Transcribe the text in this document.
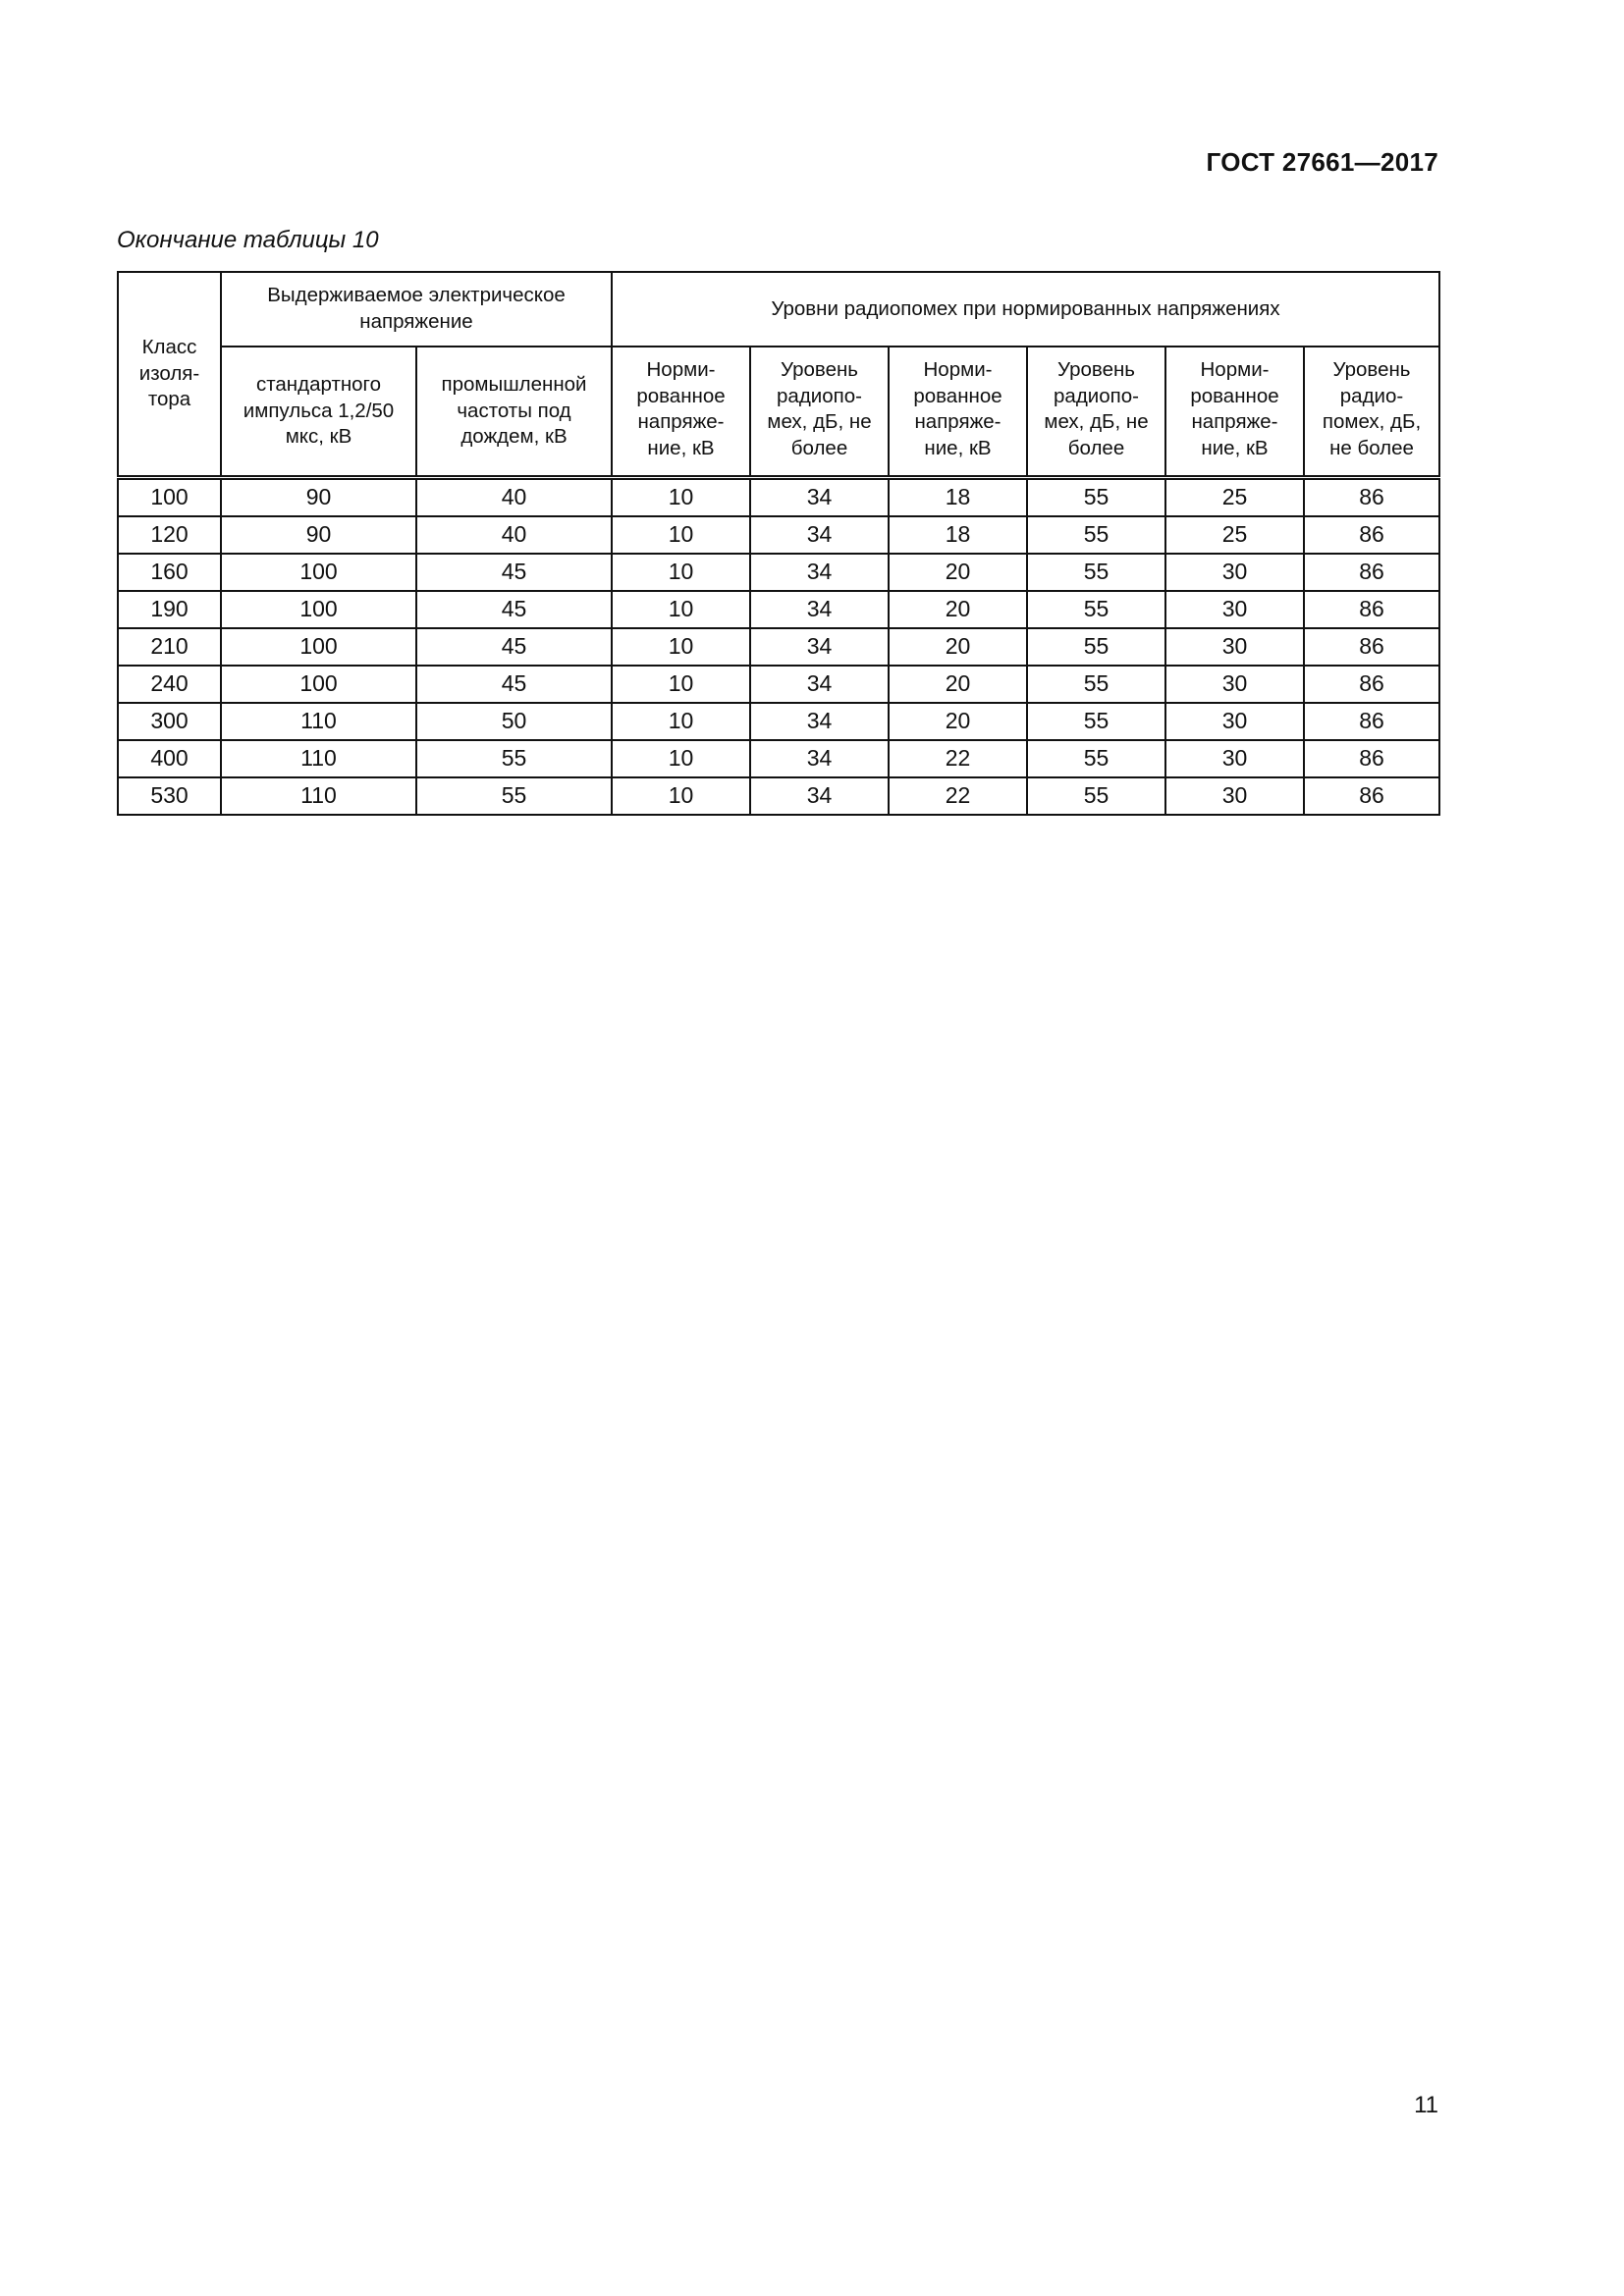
ГОСТ 27661—2017
Окончание таблицы 10
Класс изоля-тора	Выдерживаемое электрическое напряжение		Уровни радиопомех при нормированных напряжениях					
	стандартного импульса 1,2/50 мкс, кВ	промышленной частоты под дождем, кВ	Норми-рованное напряже-ние, кВ	Уровень радиопо-мех, дБ, не более	Норми-рованное напряже-ние, кВ	Уровень радиопо-мех, дБ, не более	Норми-рованное напряже-ние, кВ	Уровень радио-помех, дБ, не более
100	90	40	10	34	18	55	25	86
120	90	40	10	34	18	55	25	86
160	100	45	10	34	20	55	30	86
190	100	45	10	34	20	55	30	86
210	100	45	10	34	20	55	30	86
240	100	45	10	34	20	55	30	86
300	110	50	10	34	20	55	30	86
400	110	55	10	34	22	55	30	86
530	110	55	10	34	22	55	30	86
11
